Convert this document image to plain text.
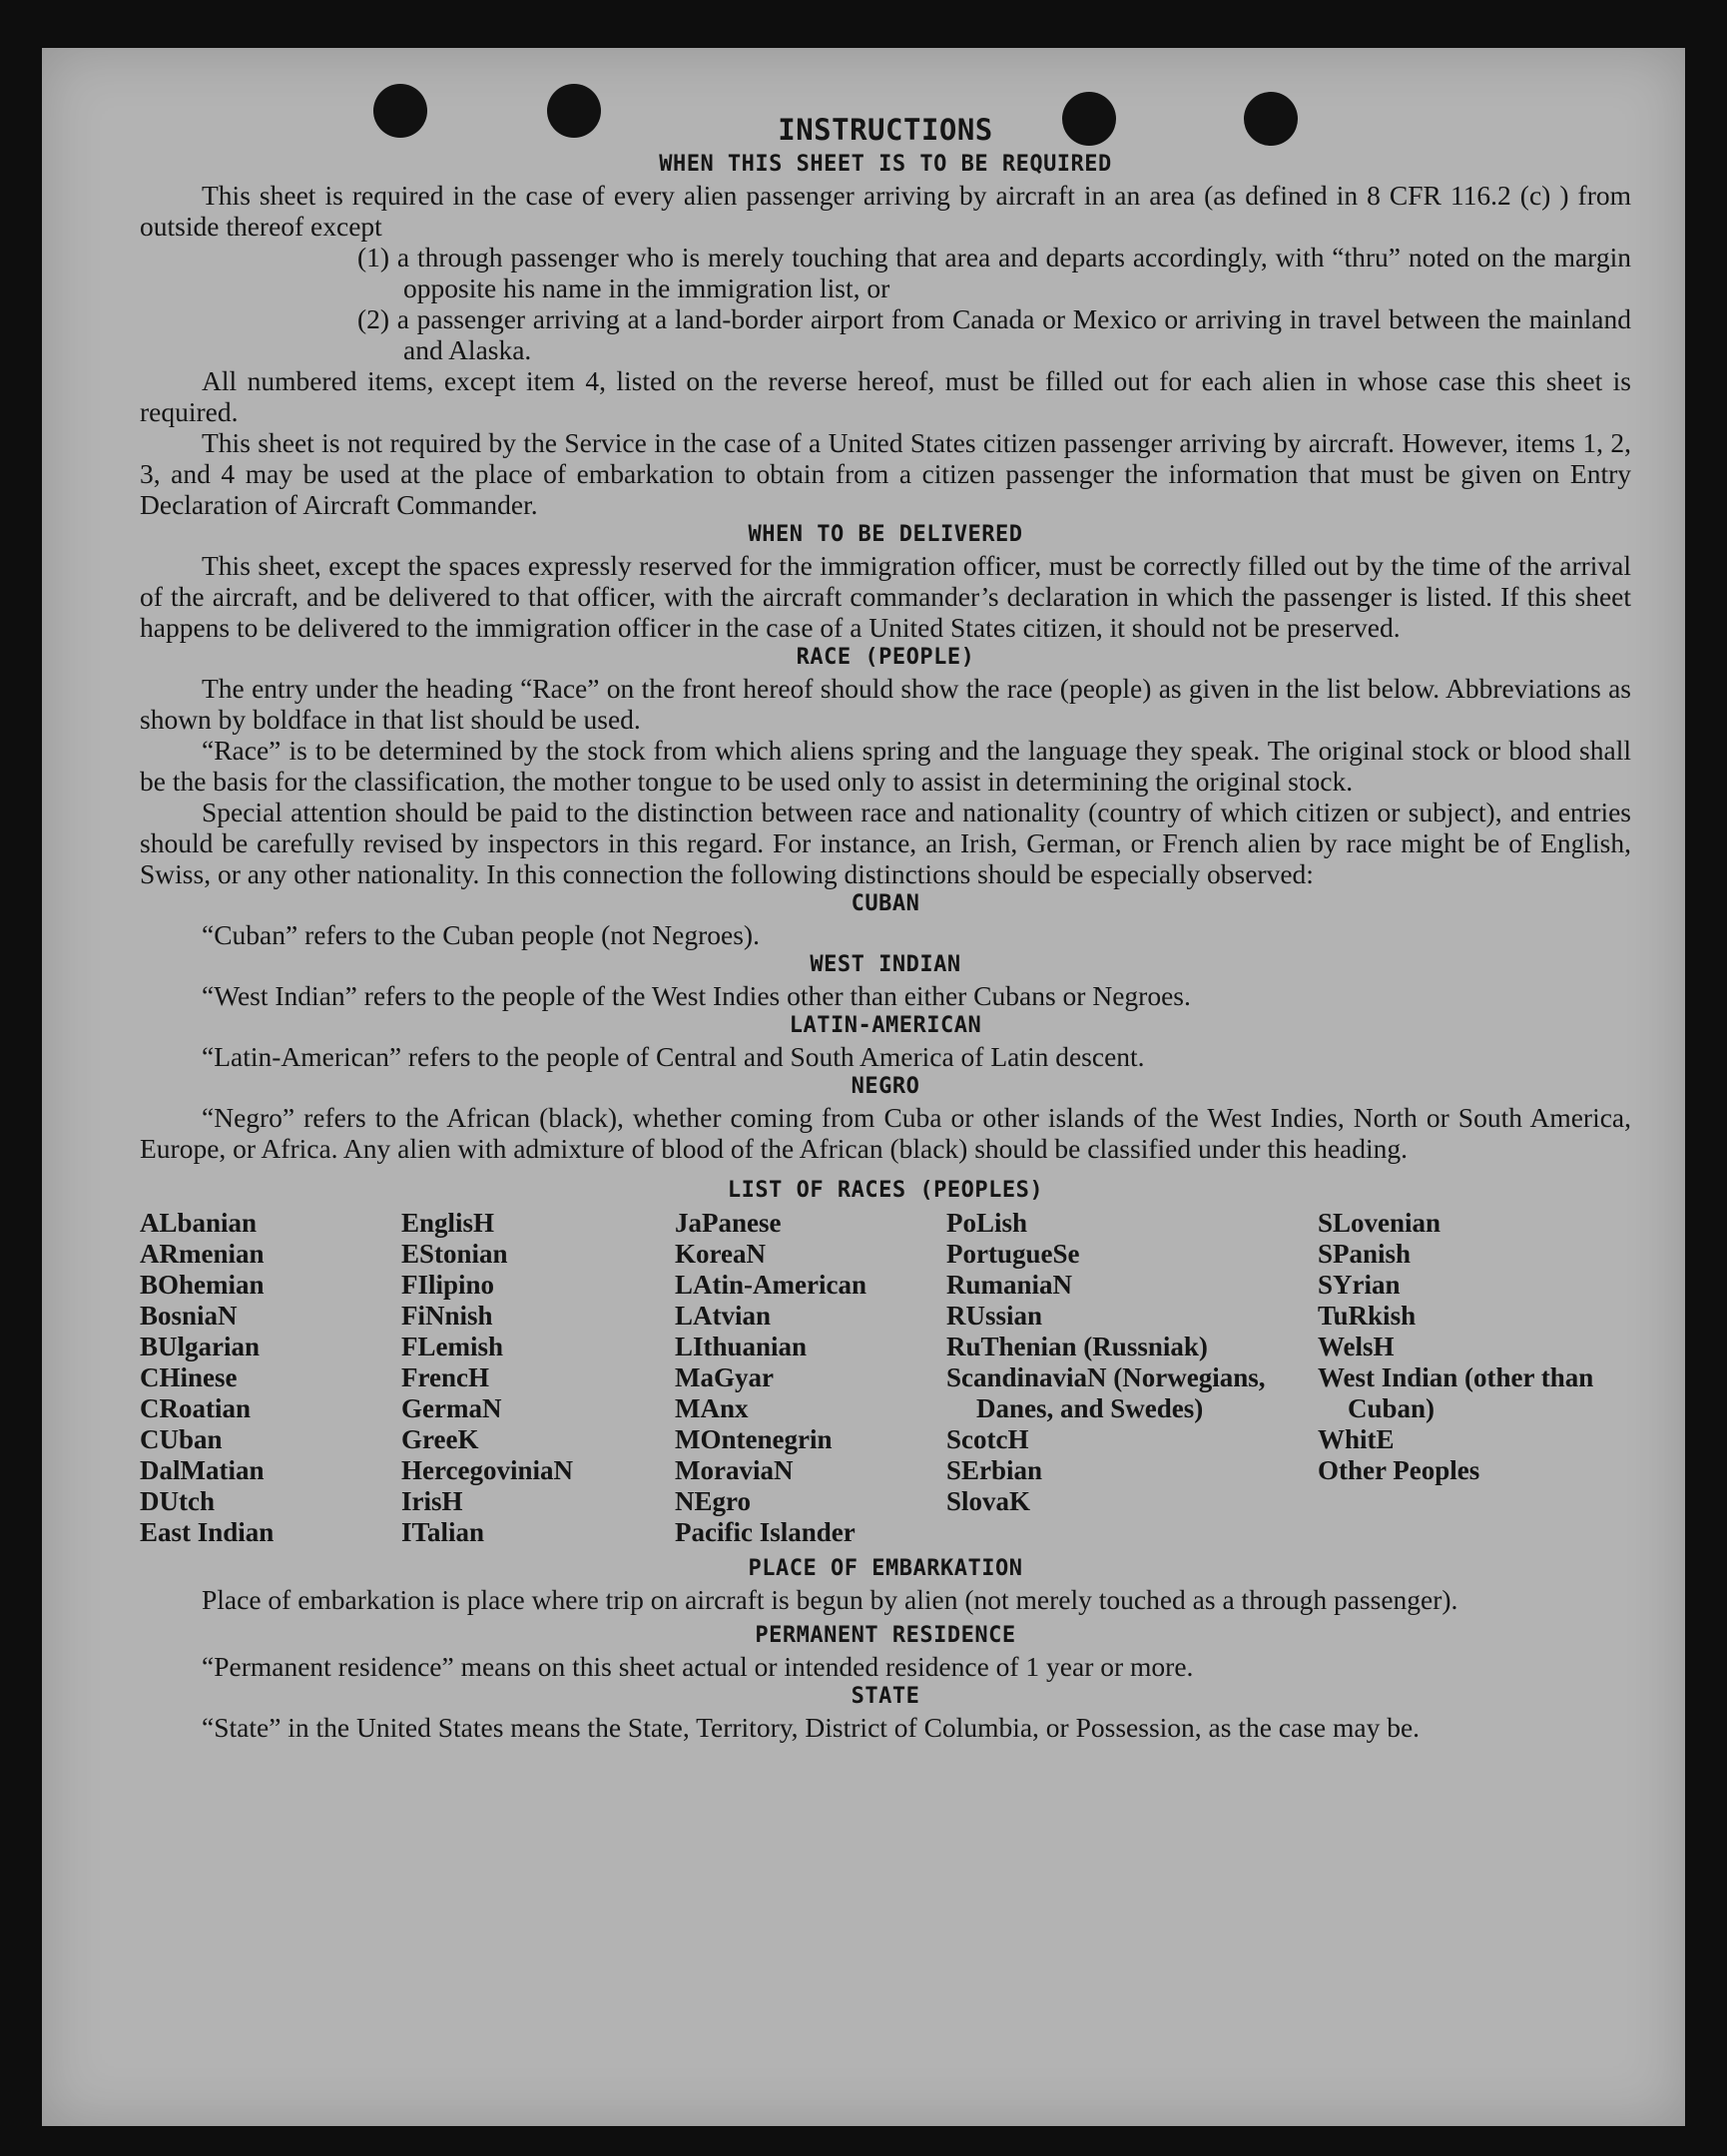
INSTRUCTIONS
WHEN THIS SHEET IS TO BE REQUIRED

This sheet is required in the case of every alien passenger arriving by aircraft in an area (as defined in 8 CFR 116.2 (c) ) from outside thereof except

(1) a through passenger who is merely touching that area and departs accordingly, with “thru” noted on the margin opposite his name in the immigration list, or
(2) a passenger arriving at a land-border airport from Canada or Mexico or arriving in travel between the mainland and Alaska.

All numbered items, except item 4, listed on the reverse hereof, must be filled out for each alien in whose case this sheet is required.

This sheet is not required by the Service in the case of a United States citizen passenger arriving by aircraft. However, items 1, 2, 3, and 4 may be used at the place of embarkation to obtain from a citizen passenger the information that must be given on Entry Declaration of Aircraft Commander.

WHEN TO BE DELIVERED

This sheet, except the spaces expressly reserved for the immigration officer, must be correctly filled out by the time of the arrival of the aircraft, and be delivered to that officer, with the aircraft commander’s declaration in which the passenger is listed. If this sheet happens to be delivered to the immigration officer in the case of a United States citizen, it should not be preserved.

RACE (PEOPLE)

The entry under the heading “Race” on the front hereof should show the race (people) as given in the list below. Abbreviations as shown by boldface in that list should be used.

“Race” is to be determined by the stock from which aliens spring and the language they speak. The original stock or blood shall be the basis for the classification, the mother tongue to be used only to assist in determining the original stock.

Special attention should be paid to the distinction between race and nationality (country of which citizen or subject), and entries should be carefully revised by inspectors in this regard. For instance, an Irish, German, or French alien by race might be of English, Swiss, or any other nationality. In this connection the following distinctions should be especially observed:

CUBAN

“Cuban” refers to the Cuban people (not Negroes).

WEST INDIAN

“West Indian” refers to the people of the West Indies other than either Cubans or Negroes.

LATIN-AMERICAN

“Latin-American” refers to the people of Central and South America of Latin descent.

NEGRO

“Negro” refers to the African (black), whether coming from Cuba or other islands of the West Indies, North or South America, Europe, or Africa. Any alien with admixture of blood of the African (black) should be classified under this heading.

LIST OF RACES (PEOPLES)
ALbanian
ARmenian
BOhemian
BosniaN
BUlgarian
CHinese
CRoatian
CUban
DalMatian
DUtch
East Indian
EnglisH
EStonian
FIlipino
FiNnish
FLemish
FrencH
GermaN
GreeK
HercegoviniaN
IrisH
ITalian
JaPanese
KoreaN
LAtin-American
LAtvian
LIthuanian
MaGyar
MAnx
MOntenegrin
MoraviaN
NEgro
Pacific Islander
PoLish
PortugueSe
RumaniaN
RUssian
RuThenian (Russniak)
ScandinaviaN (Norwegians, Danes, and Swedes)
ScotcH
SErbian
SlovaK
SLovenian
SPanish
SYrian
TuRkish
WelsH
West Indian (other than Cuban)
WhitE
Other Peoples
PLACE OF EMBARKATION

Place of embarkation is place where trip on aircraft is begun by alien (not merely touched as a through passenger).

PERMANENT RESIDENCE

“Permanent residence” means on this sheet actual or intended residence of 1 year or more.

STATE

“State” in the United States means the State, Territory, District of Columbia, or Possession, as the case may be.
